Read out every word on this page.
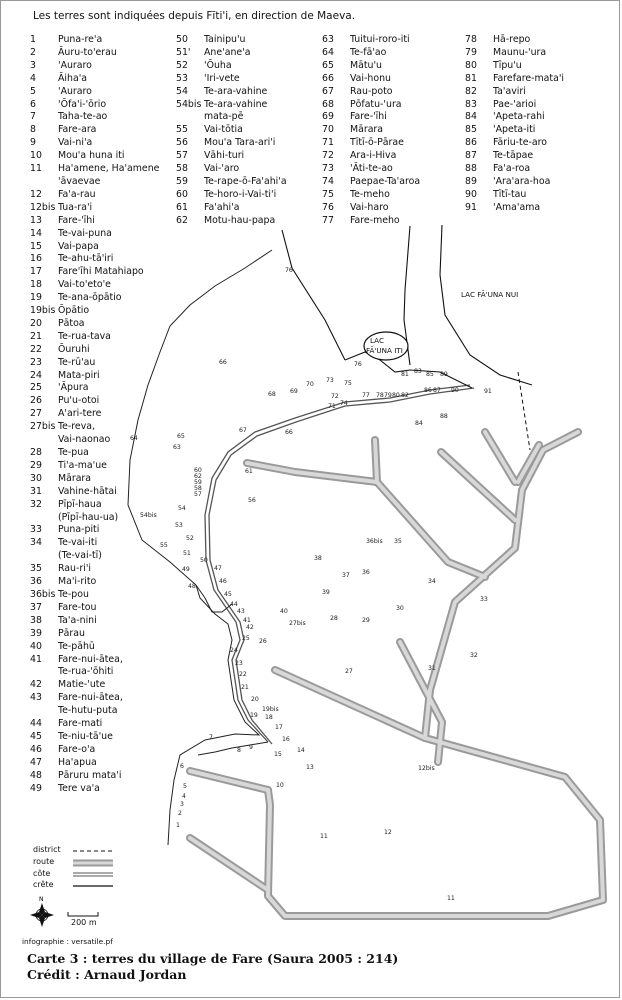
Les terres sont indiquées depuis Fīti'i, en direction de Maeva.
1	Puna-re'a
2	Āuru-to'erau
3	'Auraro
4	Āiha'a
5	'Auraro
6	'Ōfa'i-'ōrio
7	Taha-te-ao
8	Fare-ara
9	Vai-ni'a
10	Mou'a huna iti
11	Ha'amene, Ha'amene
'āvaevae
12	Fa'a-rau
12bis Tua-ra'i
13	Fare-'īhi
14	Te-vai-puna
15	Vai-papa
16	Te-ahu-tā'iri
17	Fare'īhi Matahiapo
18	Vai-to'eto'e
19	Te-ana-ōpātio
19bis Ōpātio
20	Pātoa
21	Te-rua-tava
22	Ōuruhi
23	Te-rū'au
24	Mata-piri
25	'Āpura
26	Pu'u-otoi
27	A'ari-tere
27bis Te-reva,
Vai-naonao
28	Te-pua
29	Ti'a-ma'ue
30	Mārara
31	Vahine-hātai
32	Pīpī-haua
(Pīpī-hau-ua)
33	Puna-piti
34	Te-vai-iti
(Te-vai-tī)
35	Rau-ri'i
36	Ma'i-rito
36bis Te-pou
37	Fare-tou
38	Ta'a-nini
39	Pārau
40	Te-pāhū
41	Fare-nui-ātea,
Te-rua-'ōhiti
42	Matie-'ute
43	Fare-nui-ātea,
Te-hutu-puta
44	Fare-mati
45	Te-niu-tā'ue
46	Fare-o'a
47	Ha'apua
48	Pāruru mata'i
49	Tere va'a
50	Tainipu'u
51'	Ane'ane'a
52	'Ōuha
53	'Iri-vete
54	Te-ara-vahine
54bis Te-ara-vahine
mata-pē
55	Vai-tōtia
56	Mou'a Tara-ari'i
57	Vāhi-turi
58	Vai-'aro
59	Te-rape-ō-Fa'ahi'a
60	Te-horo-i-Vai-ti'i
61	Fa'ahi'a
62	Motu-hau-papa
63	Tuitui-roro-iti
64	Te-fā'ao
65	Mātu'u
66	Vai-honu
67	Rau-poto
68	Pōfatu-'ura
69	Fare-'īhi
70	Mārara
71	Tītī-ō-Pārae
72	Ara-i-Hiva
73	'Āti-te-ao
74	Paepae-Ta'aroa
75	Te-meho
76	Vai-haro
77	Fare-meho
78	Hā-repo
79	Maunu-'ura
80	Tīpu'u
81	Farefare-mata'i
82	Ta'aviri
83	Pae-'arioi
84	'Apeta-rahi
85	'Apeta-iti
86	Fāriu-te-aro
87	Te-tāpae
88	Fa'a-roa
89	'Ara'ara-hoa
90	Tītī-tau
91	'Ama'ama
LAC FĀ'UNA NUI
LAC
FĀ'UNA ITI
76
66	76
81 83 85 89
68 69
70
73 75
72	77 78 79 80 82
86 87 90	91
71 74
84
88
64
67	66
65
63
61
60
62
59
58
57
56
54bis
54
53
52
55
51
50
49	47
48
46
45
44
43
41
42
40
27bis
28	29
30
25 26
24
23
22
21
20
19bis
19 18
17
16
15
14
13
10
9
8
7
6
5
4
3
2
1
38
36bis 35
37 36
39
34
33
32
27	31
12bis
11
12
11
N
district
route
côte
crête
200 m
infographie : versatile.pf
Carte 3 : terres du village de Fare (Saura 2005 : 214)
Crédit : Arnaud Jordan
